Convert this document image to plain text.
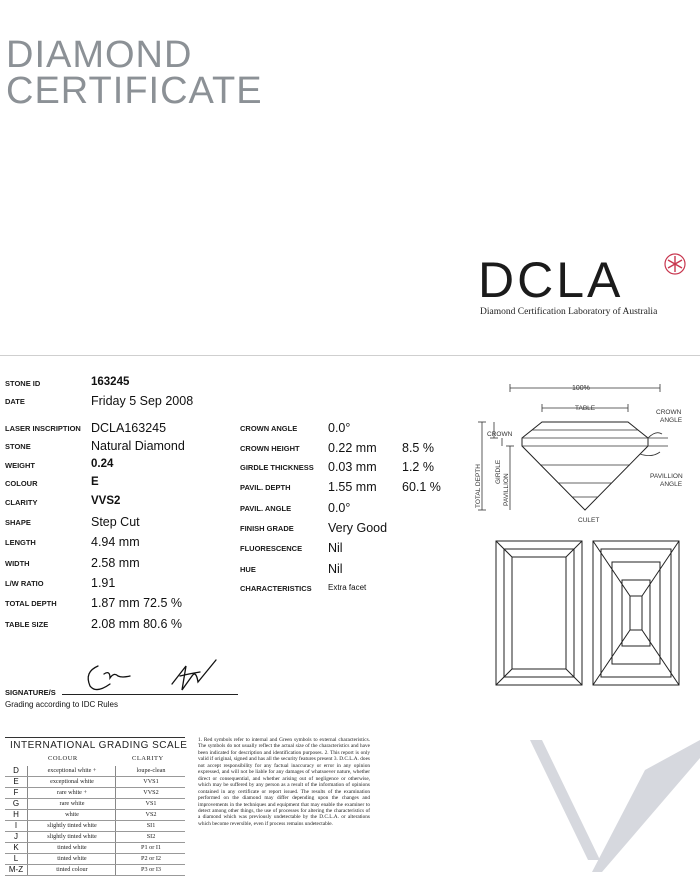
DIAMOND
CERTIFICATE
DCLA
Diamond Certification Laboratory of Australia
STONE ID	163245
DATE	Friday 5 Sep 2008
LASER INSCRIPTION DCLA163245
STONE	Natural Diamond
WEIGHT	0.24
COLOUR	E
CLARITY	VVS2
SHAPE	Step Cut
LENGTH	4.94 mm
WIDTH	2.58 mm
L/W RATIO	1.91
TOTAL DEPTH	1.87 mm 72.5 %
TABLE SIZE	2.08 mm 80.6 %
CROWN ANGLE 0.0°
CROWN HEIGHT 0.22 mm 8.5 %
GIRDLE THICKNESS 0.03 mm 1.2 %
PAVIL. DEPTH	1.55 mm 60.1 %
PAVIL. ANGLE	0.0°
FINISH GRADE	Very Good
FLUORESCENCE Nil
HUE	Nil
CHARACTERISTICS Extra facet
100%
TABLE
CROWN
CROWN
ANGLE
TOTAL DEPTH GIRDLE
PAVILLION	PAVILLION
ANGLE
CULET
SIGNATURE/S
Grading according to IDC Rules
INTERNATIONAL GRADING SCALE
COLOUR	CLARITY
D	exceptional white +	loupe-clean
E	exceptional white	VVS1
F	rare white +	VVS2
G	rare white	VS1
H	white	VS2
I	slightly tinted white	SI1
J	slightly tinted white	SI2
K	tinted white	P1 or I1
L	tinted white	P2 or I2
M-Z	tinted colour	P3 or I3
1. Red symbols refer to internal and Green symbols to external characteristics. The symbols do not usually reflect the actual size of the characteristics and have been indicated for description and identification purposes. 2. This report is only valid if original, signed and has all the security features present 3. D.C.L.A. does not accept responsibility for any factual inaccuracy or error in any opinion expressed, and will not be liable for any damages of whatsoever nature, whether direct or consequential, and whether arising out of negligence or otherwise, which may be suffered by any person as a result of the information of opinions contained in any certificate or report issued. The results of the examination performed on the diamond may differ depending upon the changes and improvements in the techniques and equipment that may enable the examiner to detect among other things, the use of processes for altering the characteristics of a diamond which was previously undetectable by the D.C.L.A. or alterations which become reversible, even if process remains undetectable.
